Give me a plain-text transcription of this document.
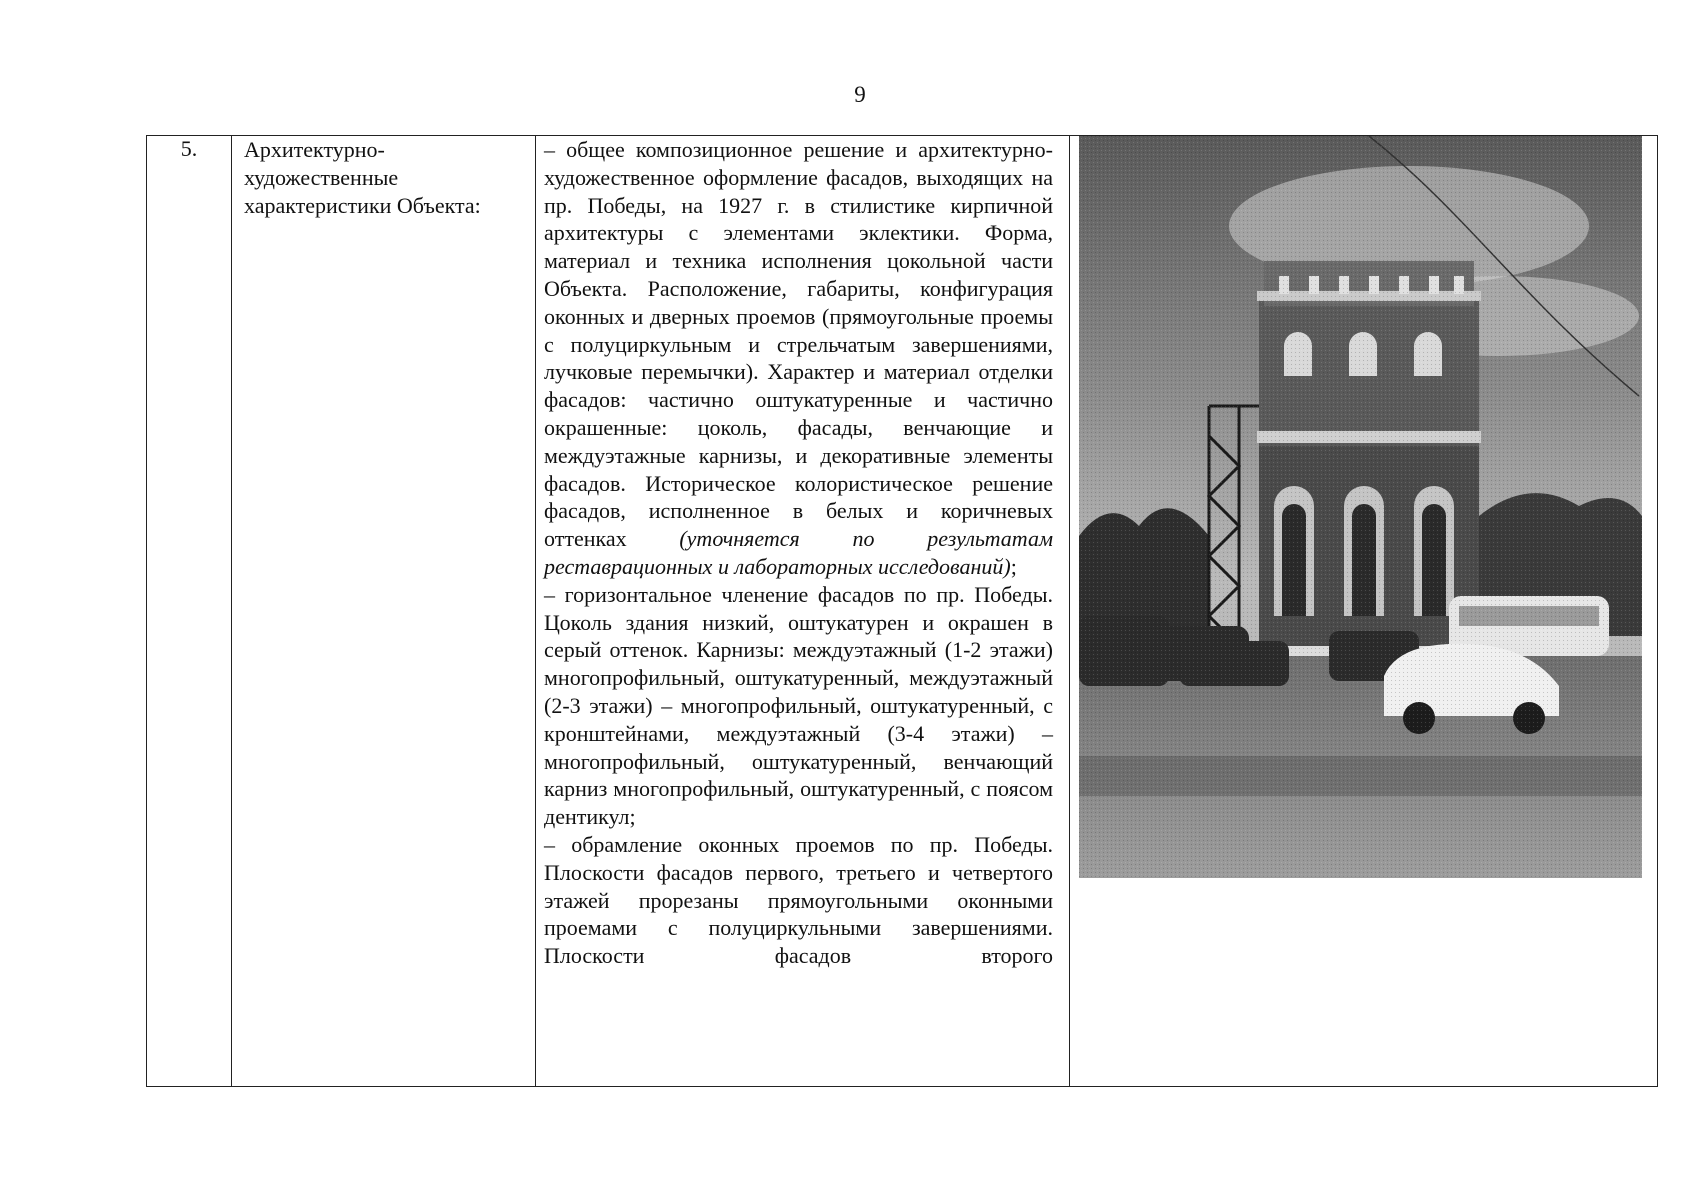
9
5.	Архитектурно-
художественные
характеристики Объекта:

– общее композиционное решение и архитектурно-художественное оформление фасадов, выходящих на пр. Победы, на 1927 г. в стилистике кирпичной архитектуры с элементами эклектики. Форма, материал и техника исполнения цокольной части Объекта. Расположение, габариты, конфигурация оконных и дверных проемов (прямоугольные проемы с полуциркульным и стрельчатым завершениями, лучковые перемычки). Характер и материал отделки фасадов: частично оштукатуренные и частично окрашенные: цоколь, фасады, венчающие и междуэтажные карнизы, и декоративные элементы фасадов. Историческое колористическое решение фасадов, исполненное в белых и коричневых оттенках (уточняется по результатам реставрационных и лабораторных исследований);

– горизонтальное членение фасадов по пр. Победы. Цоколь здания низкий, оштукатурен и окрашен в серый оттенок. Карнизы: междуэтажный (1-2 этажи) многопрофильный, оштукатуренный, междуэтажный (2-3 этажи) – многопрофильный, оштукатуренный, с кронштейнами, междуэтажный (3-4 этажи) – многопрофильный, оштукатуренный, венчающий карниз многопрофильный, оштукатуренный, с поясом дентикул;

– обрамление оконных проемов по пр. Победы. Плоскости фасадов первого, третьего и четвертого этажей прорезаны прямоугольными оконными проемами с полуциркульными завершениями. Плоскости фасадов второго
